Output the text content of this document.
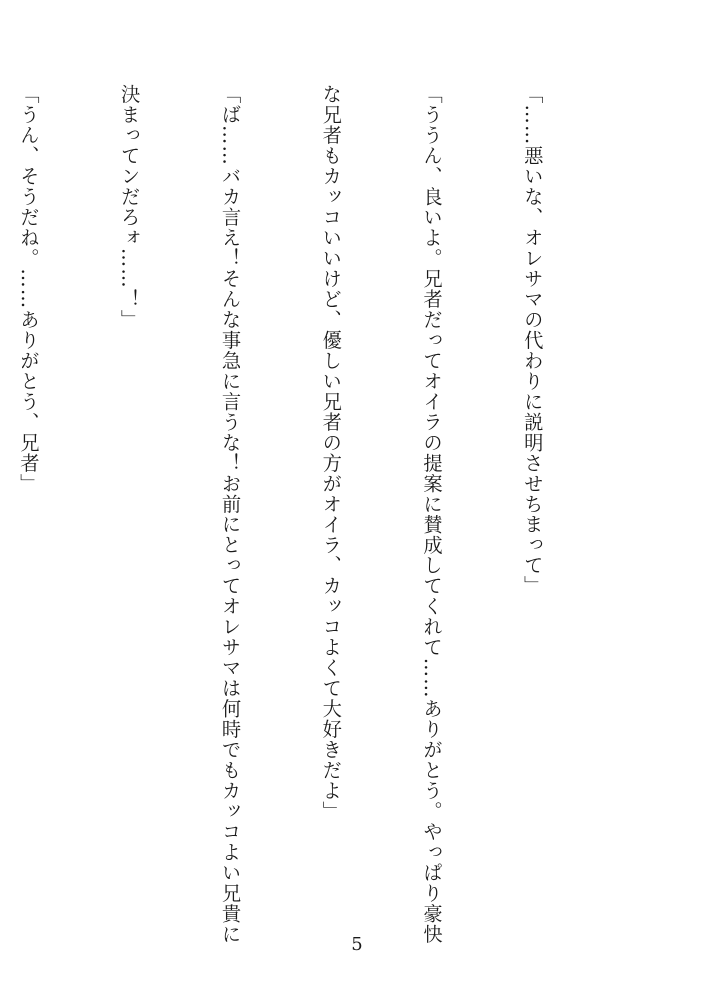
「……悪いな、オレサマの代わりに説明させちまって」

「ううん、良いよ。兄者だってオイラの提案に賛成してくれて……ありがとう。やっぱり豪快

な兄者もカッコいいけど、優しい兄者の方がオイラ、カッコよくて大好きだよ」

「ば……バカ言え！そんな事急に言うな！お前にとってオレサマは何時でもカッコよい兄貴に

決まってンだろォ……！」

「うん、そうだね。……ありがとう、兄者」

5
